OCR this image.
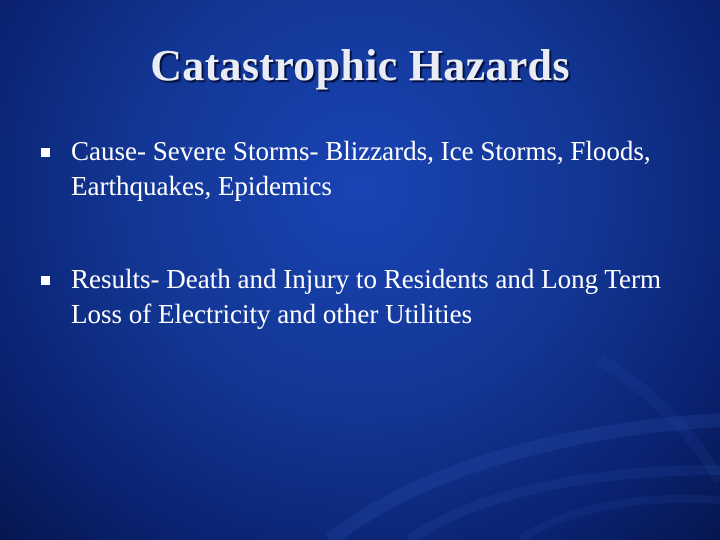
Catastrophic Hazards
Cause- Severe Storms- Blizzards, Ice Storms, Floods, Earthquakes, Epidemics
Results- Death and Injury to Residents and Long Term Loss of Electricity and other Utilities
